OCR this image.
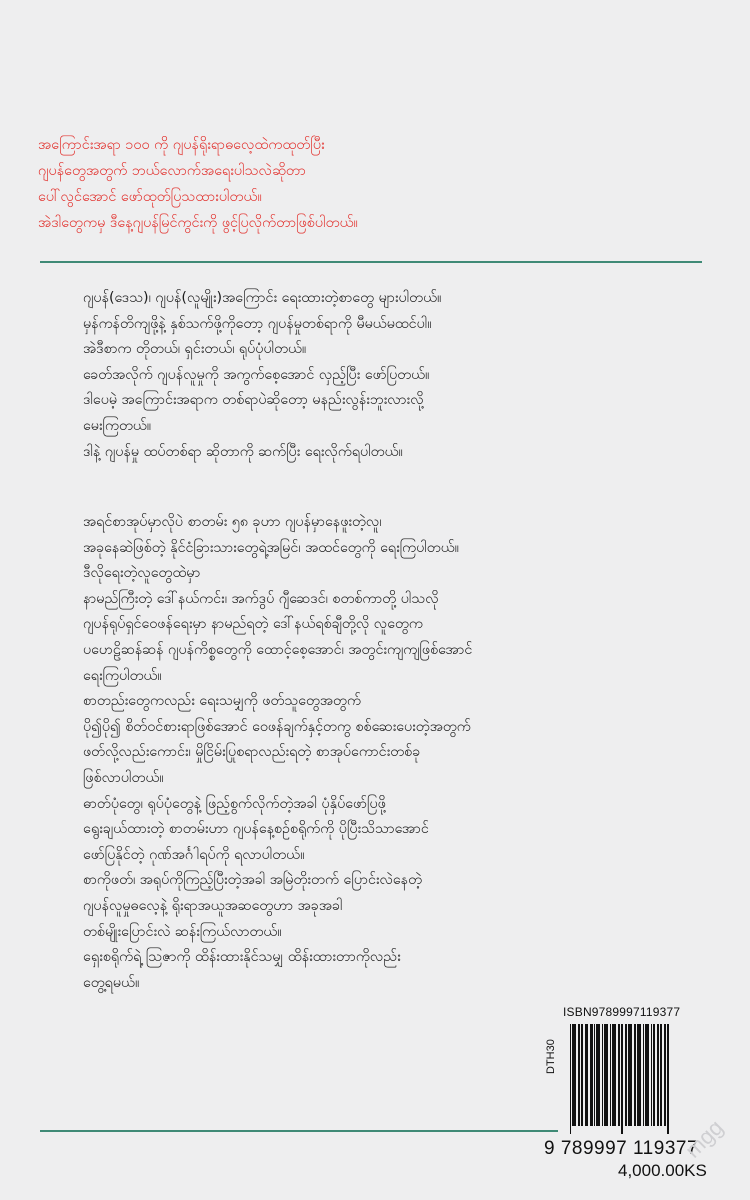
အကြောင်းအရာ ၁၀၀ ကို ဂျပန်ရိုးရာဓလေ့ထဲကထုတ်ပြီး
ဂျပန်တွေအတွက် ဘယ်လောက်အရေးပါသလဲဆိုတာ
ပေါ်လွင်အောင် ဖော်ထုတ်ပြသထားပါတယ်။
အဲဒါတွေကမှ ဒီနေ့ဂျပန်မြင်ကွင်းကို ဖွင့်ပြလိုက်တာဖြစ်ပါတယ်။
ဂျပန်(ဒေသ)၊ ဂျပန်(လူမျိုး)အကြောင်း ရေးထားတဲ့စာတွေ များပါတယ်။
မှန်ကန်တိကျဖို့နဲ့ နှစ်သက်ဖို့ကိုတော့ ဂျပန်မှုတစ်ရာကို မီမယ်မထင်ပါ။
အဲဒီစာက တိုတယ်၊ ရှင်းတယ်၊ ရုပ်ပုံပါတယ်။
ခေတ်အလိုက် ဂျပန်လူမှုကို အကွက်စေ့အောင် လှည့်ပြီး ဖော်ပြတယ်။
ဒါပေမဲ့ အကြောင်းအရာက တစ်ရာပဲဆိုတော့ မနည်းလွန်းဘူးလားလို့
မေးကြတယ်။
ဒါနဲ့ ဂျပန်မှု ထပ်တစ်ရာ ဆိုတာကို ဆက်ပြီး ရေးလိုက်ရပါတယ်။
အရင်စာအုပ်မှာလိုပဲ စာတမ်း ၅၈ ခုဟာ ဂျပန်မှာနေဖူးတဲ့လူ၊
အခုနေဆဲဖြစ်တဲ့ နိုင်ငံခြားသားတွေရဲ့အမြင်၊ အထင်တွေကို ရေးကြပါတယ်။
ဒီလိုရေးတဲ့လူတွေထဲမှာ
နာမည်ကြီးတဲ့ ဒေါ်နယ်ကင်း၊ အက်ဒွပ် ဂျီဆေဒင်၊ စတစ်ကာတို့ ပါသလို
ဂျပန်ရုပ်ရှင်ဝေဖန်ရေးမှာ နာမည်ရတဲ့ ဒေါ်နယ်ရစ်ချီတို့လို လူတွေက
ပဟေဠိဆန်ဆန် ဂျပန်ကိစ္စတွေကို ထောင့်စေ့အောင်၊ အတွင်းကျကျဖြစ်အောင်
ရေးကြပါတယ်။
စာတည်းတွေကလည်း ရေးသမျှကို ဖတ်သူတွေအတွက်
ပို၍ပို၍ စိတ်ဝင်စားရာဖြစ်အောင် ဝေဖန်ချက်နှင့်တကွ စစ်ဆေးပေးတဲ့အတွက်
ဖတ်လို့လည်းကောင်း၊ မှိုငြိမ်းပြုစရာလည်းရတဲ့ စာအုပ်ကောင်းတစ်ခု
ဖြစ်လာပါတယ်။
ဓာတ်ပုံတွေ၊ ရုပ်ပုံတွေနဲ့ ဖြည့်စွက်လိုက်တဲ့အခါ ပုံနှိပ်ဖော်ပြဖို့
ရွေးချယ်ထားတဲ့ စာတမ်းဟာ ဂျပန်နေ့စဉ်စရိုက်ကို ပိုပြီးသိသာအောင်
ဖော်ပြနိုင်တဲ့ ဂုဏ်အင်္ဂါရပ်ကို ရလာပါတယ်။
စာကိုဖတ်၊ အရုပ်ကိုကြည့်ပြီးတဲ့အခါ အမြဲတိုးတက် ပြောင်းလဲနေတဲ့
ဂျပန်လူမှုဓလေ့နဲ့ ရိုးရာအယူအဆတွေဟာ အခုအခါ
တစ်မျိုးပြောင်းလဲ ဆန်းကြယ်လာတယ်။
ရှေးစရိုက်ရဲ့ သြဇာကို ထိန်းထားနိုင်သမျှ ထိန်းထားတာကိုလည်း
တွေ့ရမယ်။
ISBN9789997119377
DTH30
9 789997 119377
4,000.00KS
mgg
